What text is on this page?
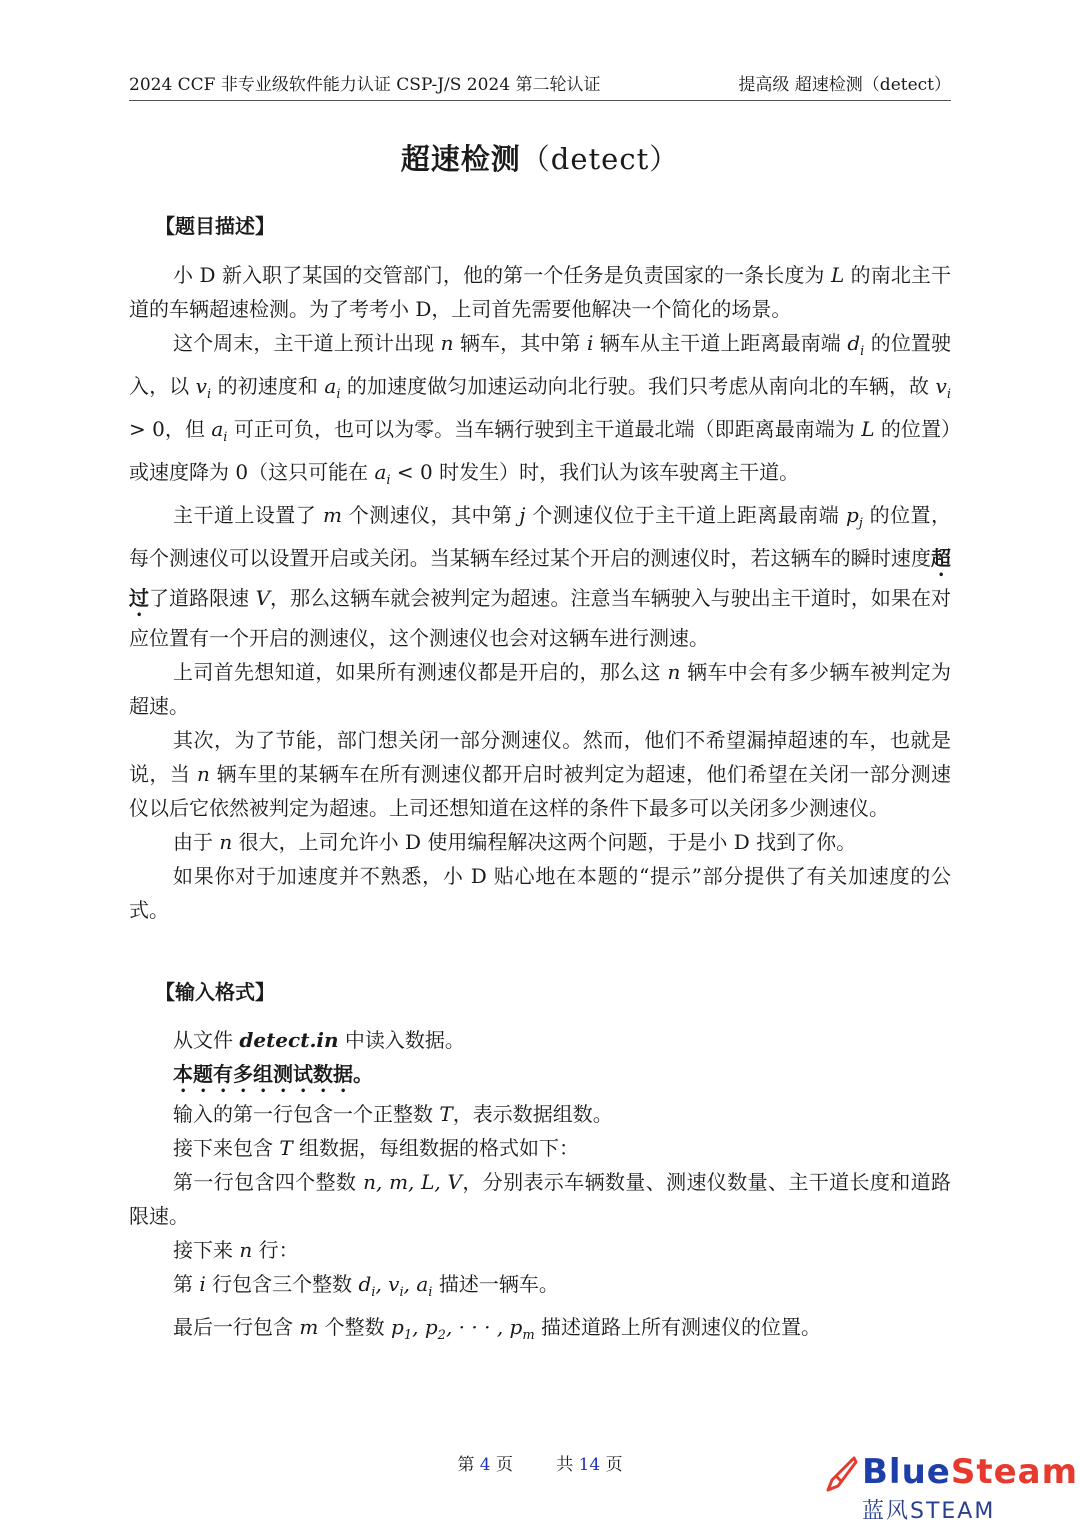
2024 CCF 非专业级软件能力认证 CSP-J/S 2024 第二轮认证	提高级 超速检测（detect）
超速检测（detect）
【题目描述】

小 D 新入职了某国的交管部门，他的第一个任务是负责国家的一条长度为 L 的南北主干道的车辆超速检测。为了考考小 D，上司首先需要他解决一个简化的场景。

这个周末，主干道上预计出现 n 辆车，其中第 i 辆车从主干道上距离最南端 $d_i$ 的位置驶入，以 $v_i$ 的初速度和 $a_i$ 的加速度做匀加速运动向北行驶。我们只考虑从南向北的车辆，故 $v_i > 0$，但 $a_i$ 可正可负，也可以为零。当车辆行驶到主干道最北端（即距离最南端为 L 的位置）或速度降为 0（这只可能在 $a_i < 0$ 时发生）时，我们认为该车驶离主干道。

主干道上设置了 m 个测速仪，其中第 j 个测速仪位于主干道上距离最南端 $p_j$ 的位置，每个测速仪可以设置开启或关闭。当某辆车经过某个开启的测速仪时，若这辆车的瞬时速度超过了道路限速 V，那么这辆车就会被判定为超速。注意当车辆驶入与驶出主干道时，如果在对应位置有一个开启的测速仪，这个测速仪也会对这辆车进行测速。

上司首先想知道，如果所有测速仪都是开启的，那么这 n 辆车中会有多少辆车被判定为超速。

其次，为了节能，部门想关闭一部分测速仪。然而，他们不希望漏掉超速的车，也就是说，当 n 辆车里的某辆车在所有测速仪都开启时被判定为超速，他们希望在关闭一部分测速仪以后它依然被判定为超速。上司还想知道在这样的条件下最多可以关闭多少测速仪。

由于 n 很大，上司允许小 D 使用编程解决这两个问题，于是小 D 找到了你。

如果你对于加速度并不熟悉，小 D 贴心地在本题的“提示”部分提供了有关加速度的公式。

【输入格式】

从文件 detect.in 中读入数据。

本题有多组测试数据。

输入的第一行包含一个正整数 T，表示数据组数。

接下来包含 T 组数据，每组数据的格式如下：

第一行包含四个整数 n, m, L, V，分别表示车辆数量、测速仪数量、主干道长度和道路限速。

接下来 n 行：

第 i 行包含三个整数 $d_i$, $v_i$, $a_i$ 描述一辆车。

最后一行包含 m 个整数 $p_1$, $p_2$, · · · , $p_m$ 描述道路上所有测速仪的位置。

第 4 页	共 14 页	BlueSteam
蓝风STEAM
